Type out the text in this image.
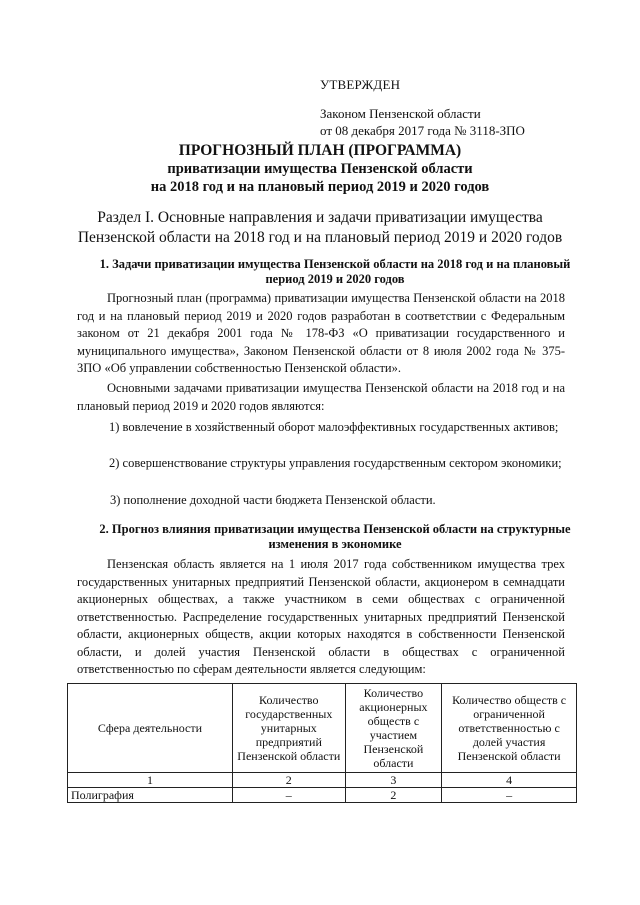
УТВЕРЖДЕН
Законом Пензенской области
от 08 декабря 2017 года № 3118-ЗПО
ПРОГНОЗНЫЙ ПЛАН (ПРОГРАММА)
приватизации имущества Пензенской области
на 2018 год и на плановый период 2019 и 2020 годов
Раздел I. Основные направления и задачи приватизации имущества Пензенской области на 2018 год и на плановый период 2019 и 2020 годов
1. Задачи приватизации имущества Пензенской области на 2018 год и на плановый период 2019 и 2020 годов

Прогнозный план (программа) приватизации имущества Пензенской области на 2018 год и на плановый период 2019 и 2020 годов разработан в соответствии с Федеральным законом от 21 декабря 2001 года № 178-ФЗ «О приватизации государственного и муниципального имущества», Законом Пензенской области от 8 июля 2002 года № 375-ЗПО «Об управлении собственностью Пензенской области».

Основными задачами приватизации имущества Пензенской области на 2018 год и на плановый период 2019 и 2020 годов являются:

1) вовлечение в хозяйственный оборот малоэффективных государственных активов;

2) совершенствование структуры управления государственным сектором экономики;

3) пополнение доходной части бюджета Пензенской области.

2. Прогноз влияния приватизации имущества Пензенской области на структурные изменения в экономике

Пензенская область является на 1 июля 2017 года собственником имущества трех государственных унитарных предприятий Пензенской области, акционером в семнадцати акционерных обществах, а также участником в семи обществах с ограниченной ответственностью. Распределение государственных унитарных предприятий Пензенской области, акционерных обществ, акции которых находятся в собственности Пензенской области, и долей участия Пензенской области в обществах с ограниченной ответственностью по сферам деятельности является следующим:

Сфера деятельности	Количество государственных унитарных предприятий Пензенской области	Количество акционерных обществ с участием Пензенской области	Количество обществ с ограниченной ответственностью с долей участия Пензенской области
1	2	3	4
Полиграфия	–	2	–
